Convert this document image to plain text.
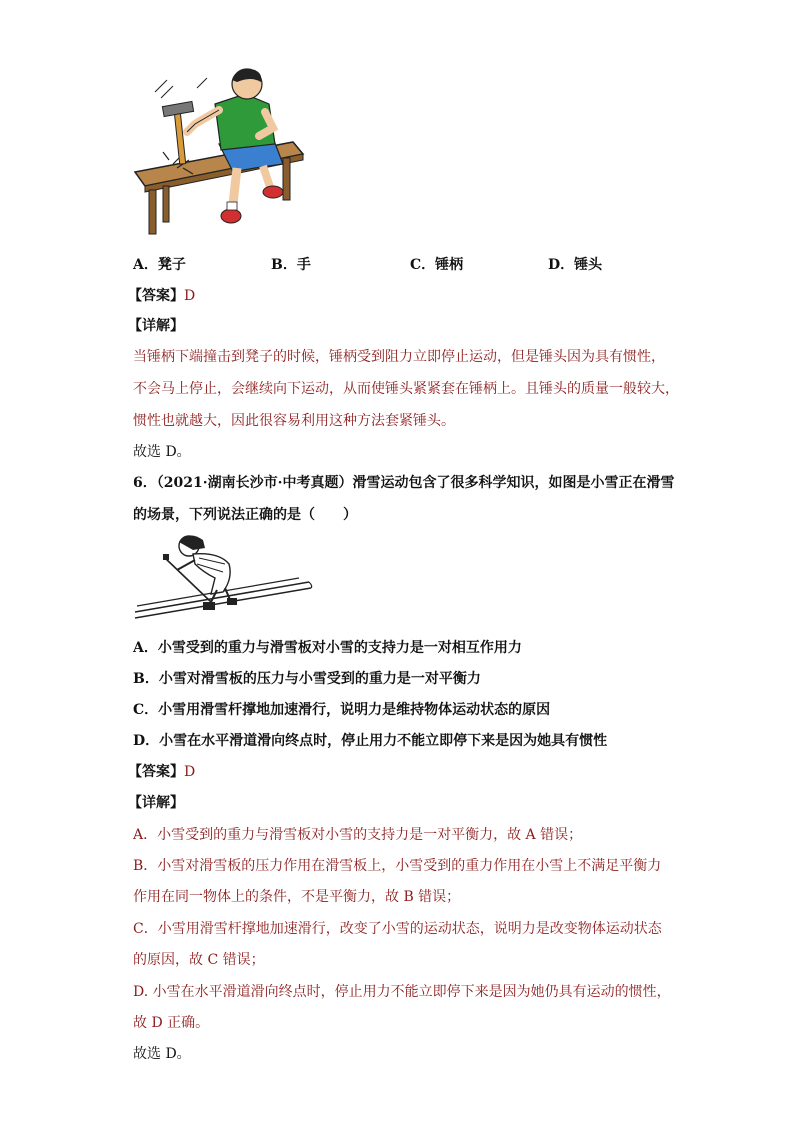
A．凳子	B．手	C．锤柄	D．锤头
【答案】D
【详解】
当锤柄下端撞击到凳子的时候，锤柄受到阻力立即停止运动，但是锤头因为具有惯性，
不会马上停止，会继续向下运动，从而使锤头紧紧套在锤柄上。且锤头的质量一般较大，
惯性也就越大，因此很容易利用这种方法套紧锤头。
故选 D。
6．（2021·湖南长沙市·中考真题）滑雪运动包含了很多科学知识，如图是小雪正在滑雪
的场景，下列说法正确的是（　　）
A．小雪受到的重力与滑雪板对小雪的支持力是一对相互作用力
B．小雪对滑雪板的压力与小雪受到的重力是一对平衡力
C．小雪用滑雪杆撑地加速滑行，说明力是维持物体运动状态的原因
D．小雪在水平滑道滑向终点时，停止用力不能立即停下来是因为她具有惯性
【答案】D
【详解】
A．小雪受到的重力与滑雪板对小雪的支持力是一对平衡力，故 A 错误；
B．小雪对滑雪板的压力作用在滑雪板上，小雪受到的重力作用在小雪上不满足平衡力
作用在同一物体上的条件，不是平衡力，故 B 错误；
C．小雪用滑雪杆撑地加速滑行，改变了小雪的运动状态，说明力是改变物体运动状态
的原因，故 C 错误；
D. 小雪在水平滑道滑向终点时，停止用力不能立即停下来是因为她仍具有运动的惯性，
故 D 正确。
故选 D。
